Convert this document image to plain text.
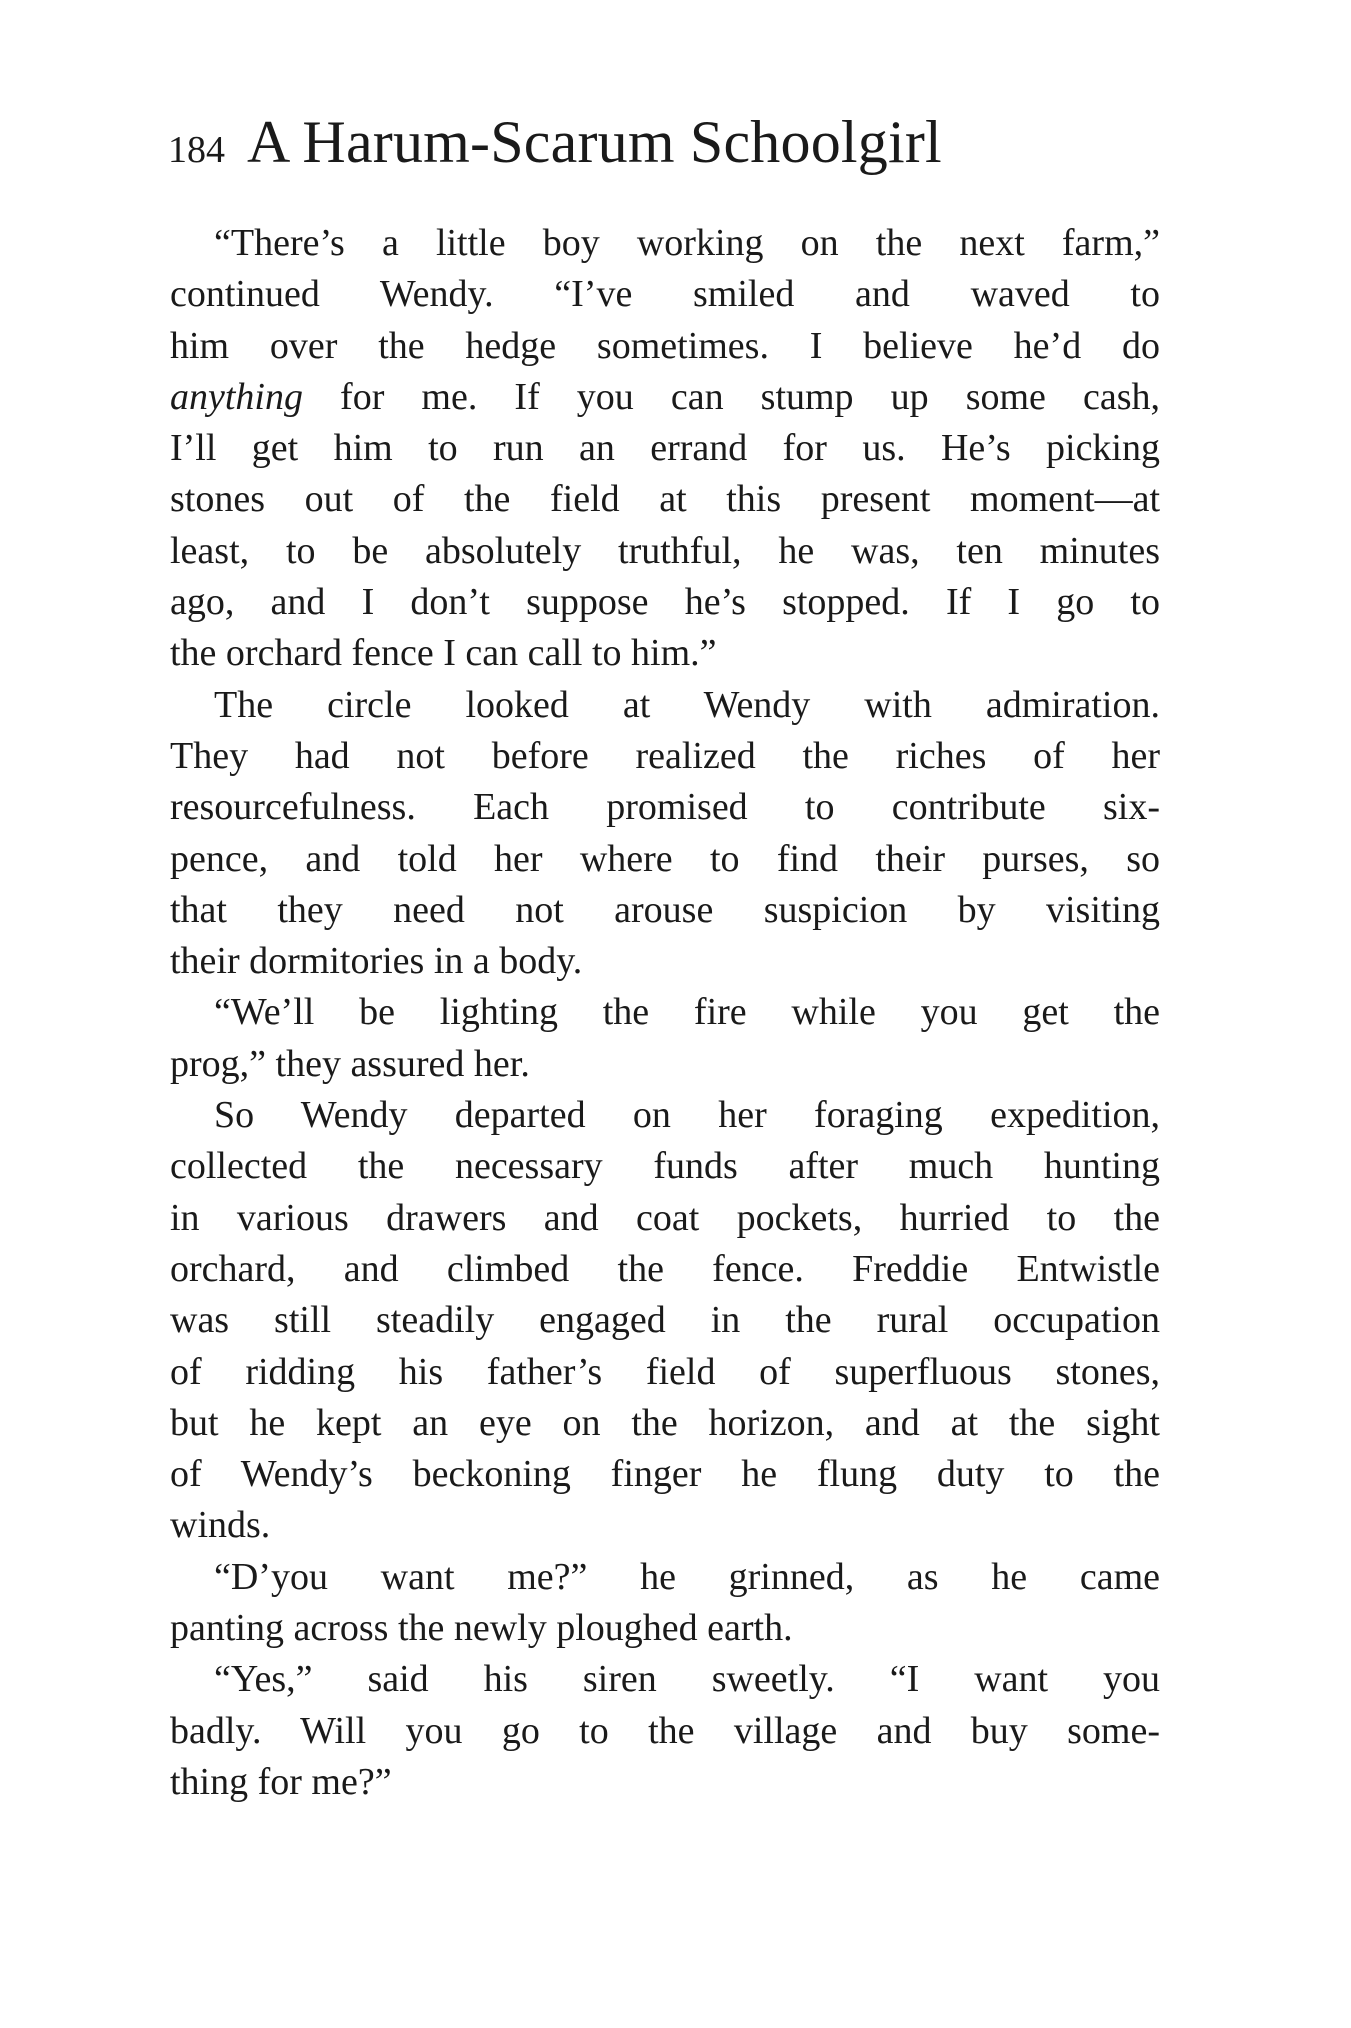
184 A Harum-Scarum Schoolgirl
“There’s a little boy working on the next farm,”
continued Wendy. “I’ve smiled and waved to
him over the hedge sometimes. I believe he’d do
anything for me. If you can stump up some cash,
I’ll get him to run an errand for us. He’s picking
stones out of the field at this present moment—at
least, to be absolutely truthful, he was, ten minutes
ago, and I don’t suppose he’s stopped. If I go to
the orchard fence I can call to him.”
The circle looked at Wendy with admiration.
They had not before realized the riches of her
resourcefulness. Each promised to contribute six-
pence, and told her where to find their purses, so
that they need not arouse suspicion by visiting
their dormitories in a body.
“We’ll be lighting the fire while you get the
prog,” they assured her.
So Wendy departed on her foraging expedition,
collected the necessary funds after much hunting
in various drawers and coat pockets, hurried to the
orchard, and climbed the fence. Freddie Entwistle
was still steadily engaged in the rural occupation
of ridding his father’s field of superfluous stones,
but he kept an eye on the horizon, and at the sight
of Wendy’s beckoning finger he flung duty to the
winds.
“D’you want me?” he grinned, as he came
panting across the newly ploughed earth.
“Yes,” said his siren sweetly. “I want you
badly. Will you go to the village and buy some-
thing for me?”
